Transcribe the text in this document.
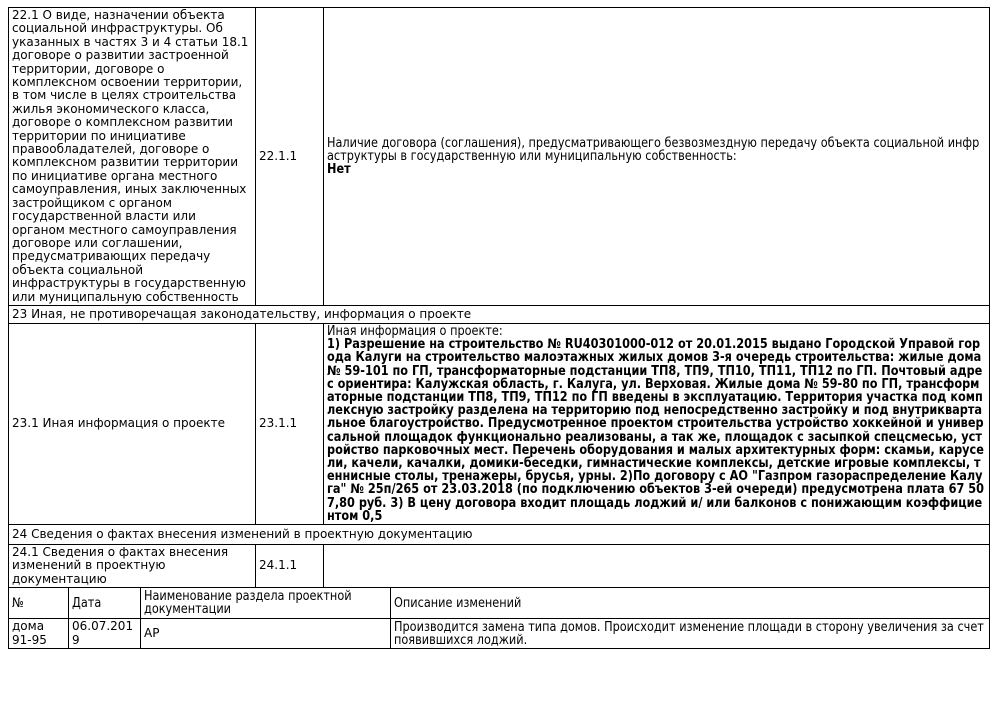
22.1 О виде, назначении объекта социальной инфраструктуры. Об указанных в частях 3 и 4 статьи 18.1 договоре о развитии застроенной территории, договоре о комплексном освоении территории, в том числе в целях строительства жилья экономического класса, договоре о комплексном развитии территории по инициативе правообладателей, договоре о комплексном развитии территории по инициативе органа местного самоуправления, иных заключенных застройщиком с органом государственной власти или органом местного самоуправления договоре или соглашении, предусматривающих передачу объекта социальной инфраструктуры в государственную или муниципальную собственность	22.1.1	Наличие договора (соглашения), предусматривающего безвозмездную передачу объекта социальной инфраструктуры в государственную или муниципальную собственность:
Нет

23 Иная, не противоречащая законодательству, информация о проекте		
23.1 Иная информация о проекте	23.1.1	Иная информация о проекте:
1) Разрешение на строительство № RU40301000-012 от 20.01.2015 выдано Городской Управой города Калуги на строительство малоэтажных жилых домов 3-я очередь строительства: жилые дома № 59-101 по ГП, трансформаторные подстанции ТП8, ТП9, ТП10, ТП11, ТП12 по ГП. Почтовый адрес ориентира: Калужская область, г. Калуга, ул. Верховая. Жилые дома № 59-80 по ГП, трансформаторные подстанции ТП8, ТП9, ТП12 по ГП введены в эксплуатацию. Территория участка под комплексную застройку разделена на территорию под непосредственно застройку и под внутриквартальное благоустройство. Предусмотренное проектом строительства устройство хоккейной и универсальной площадок функционально реализованы, а так же, площадок с засыпкой спецсмесью, устройство парковочных мест. Перечень оборудования и малых архитектурных форм: скамьи, карусели, качели, качалки, домики-беседки, гимнастические комплексы, детские игровые комплексы, теннисные столы, тренажеры, брусья, урны. 2)По договору с АО "Газпром газораспределение Калуга" № 25п/265 от 23.03.2018 (по подключению объектов 3-ей очереди) предусмотрена плата 67 507,80 руб. 3) В цену договора входит площадь лоджий и/ или балконов с понижающим коэффициентом 0,5

24 Сведения о фактах внесения изменений в проектную документацию		
24.1 Сведения о фактах внесения изменений в проектную документацию	24.1.1	
№	Дата	Наименование раздела проектной документации	Описание изменений

дома 91-95	06.07.2019	АР	Производится замена типа домов. Происходит изменение площади в сторону увеличения за счет появившихся лоджий.
